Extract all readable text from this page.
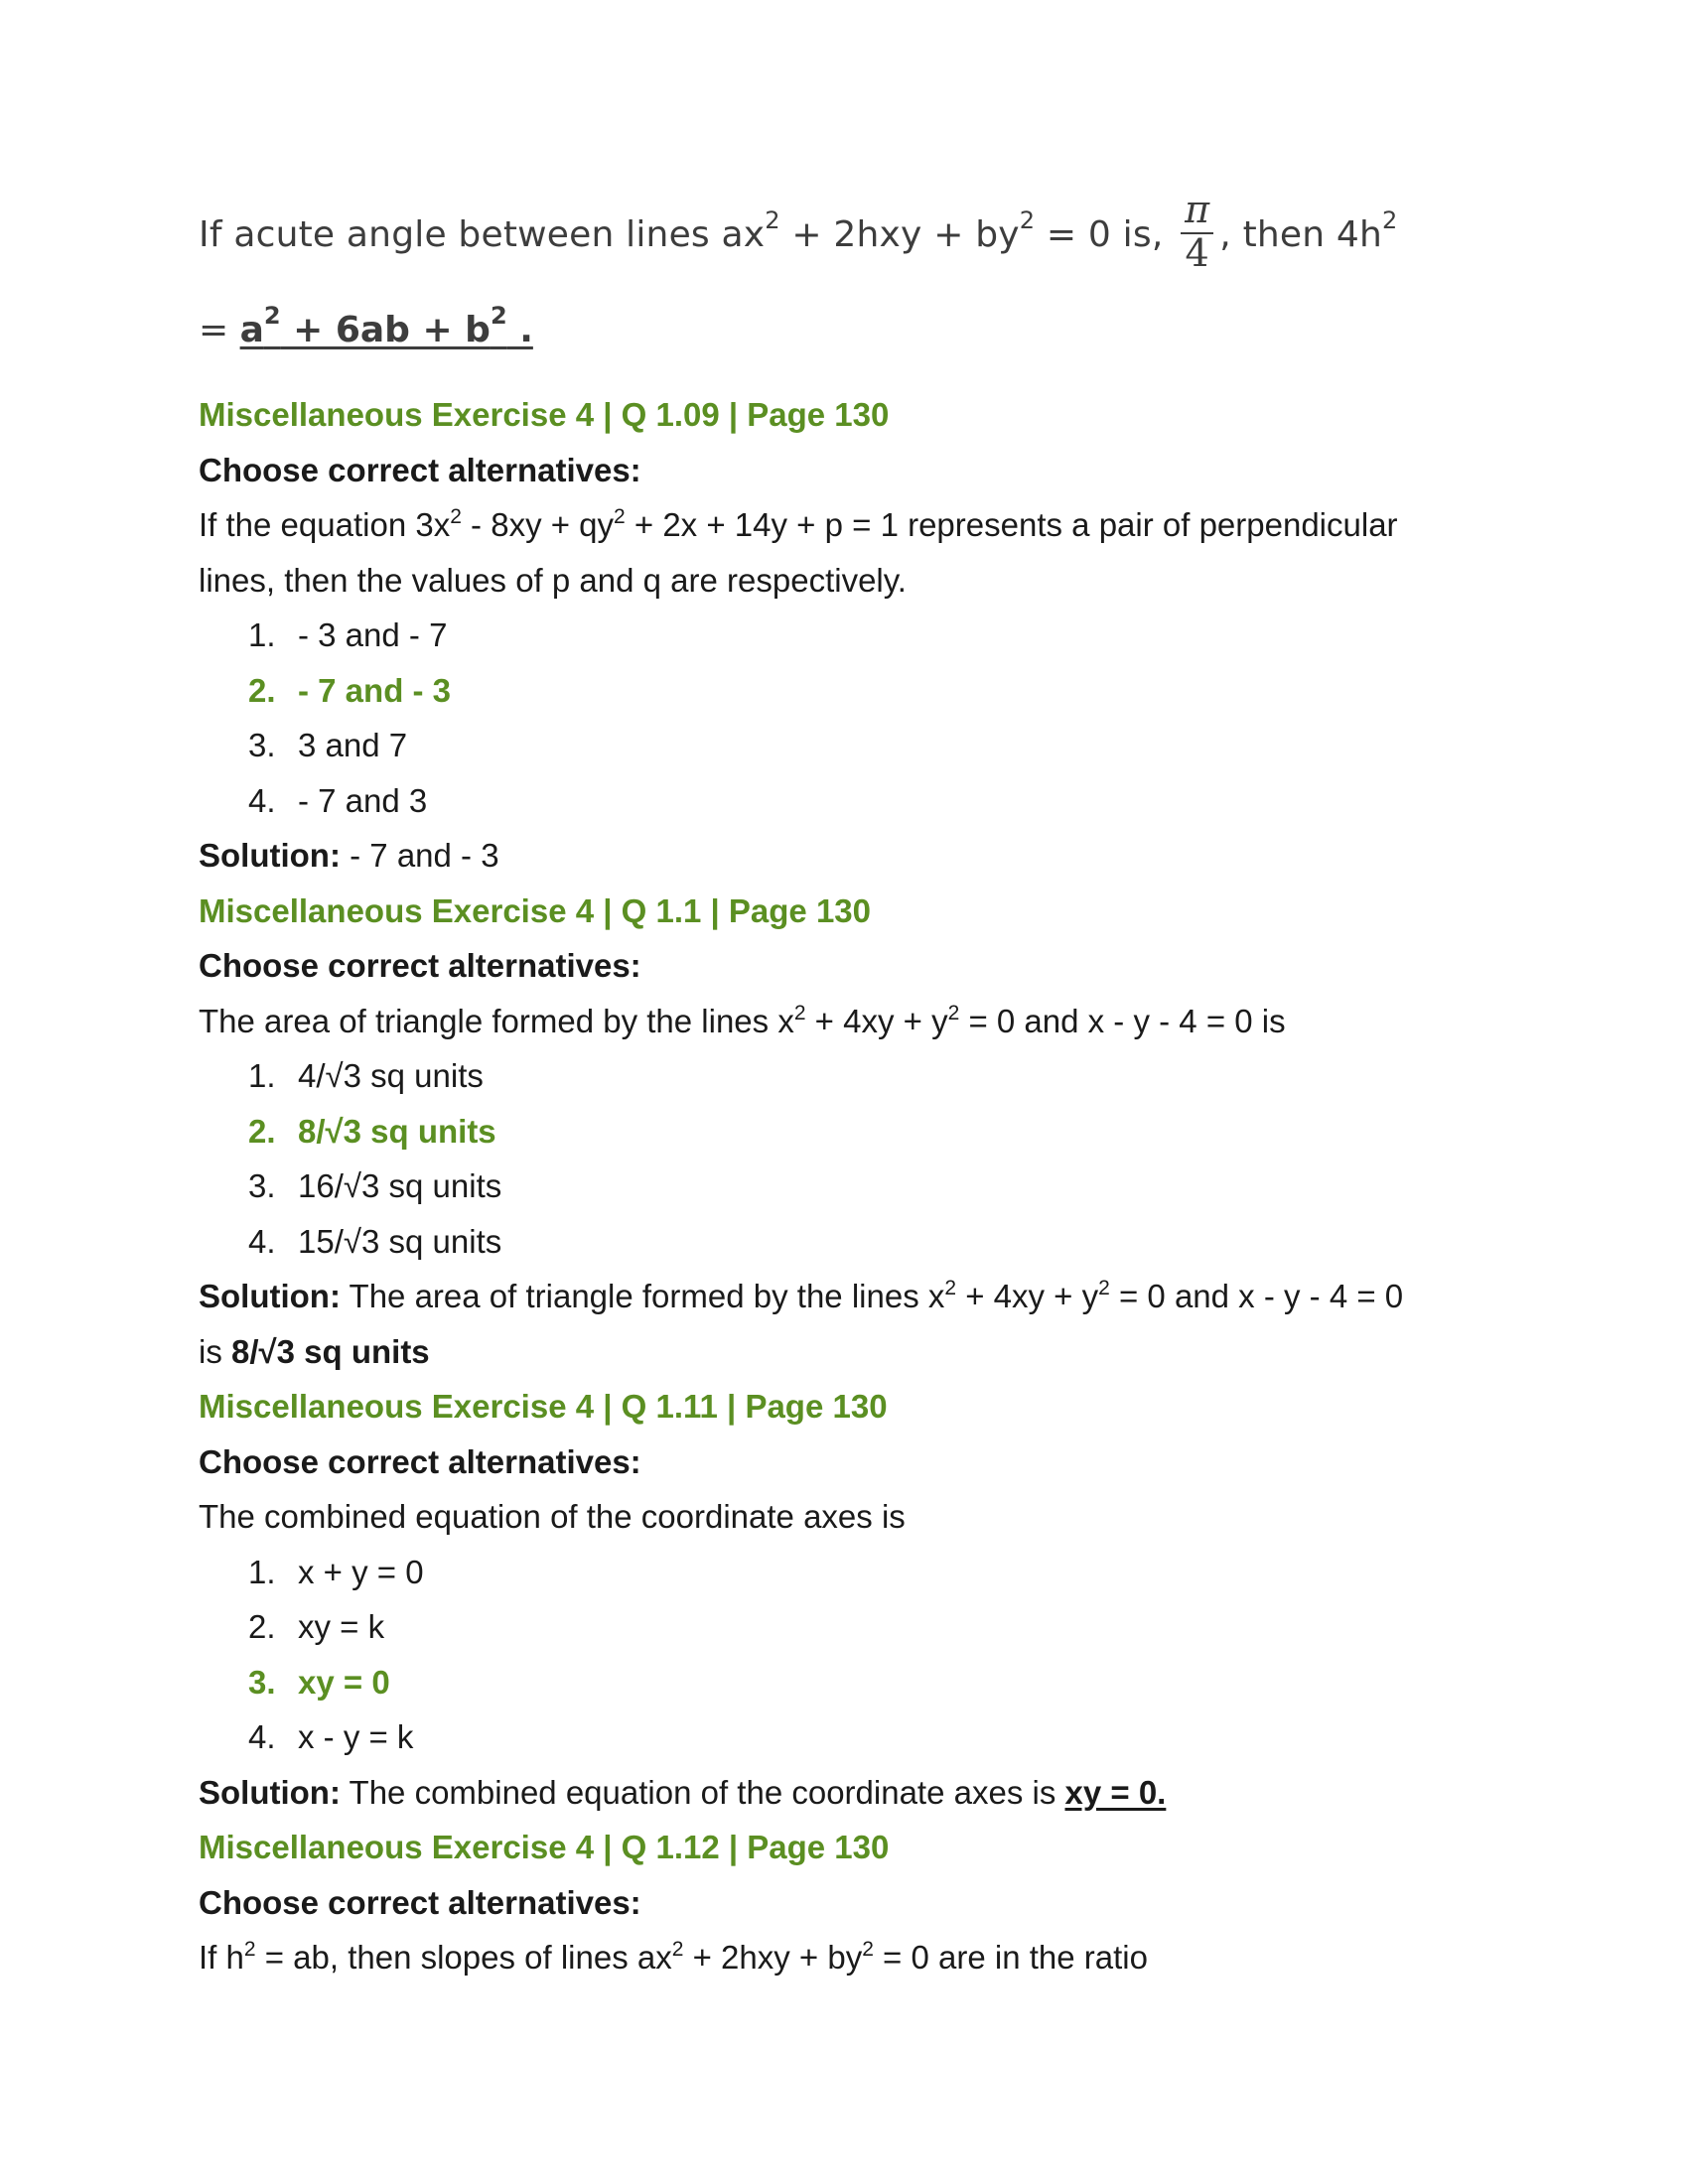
If acute angle between lines $ax^2 + 2hxy + by^2 = 0$ is, $\frac{\pi}{4}$ , then $4h^2$
= $a^2 + 6ab + b^2$ .
Miscellaneous Exercise 4 | Q 1.09 | Page 130
Choose correct alternatives:
If the equation $3x^2 - 8xy + qy^2 + 2x + 14y + p = 1$ represents a pair of perpendicular
lines, then the values of p and q are respectively.
1. - 3 and - 7
2. - 7 and - 3
3. 3 and 7
4. - 7 and 3
Solution: - 7 and - 3
Miscellaneous Exercise 4 | Q 1.1 | Page 130
Choose correct alternatives:
The area of triangle formed by the lines $x^2 + 4xy + y^2 = 0$ and x - y - 4 = 0 is
1. 4/√3 sq units
2. 8/√3 sq units
3. 16/√3 sq units
4. 15/√3 sq units
Solution: The area of triangle formed by the lines $x^2 + 4xy + y^2 = 0$ and x - y - 4 = 0
is 8/√3 sq units
Miscellaneous Exercise 4 | Q 1.11 | Page 130
Choose correct alternatives:
The combined equation of the coordinate axes is
1. x + y = 0
2. xy = k
3. xy = 0
4. x - y = k
Solution: The combined equation of the coordinate axes is xy = 0.
Miscellaneous Exercise 4 | Q 1.12 | Page 130
Choose correct alternatives:
If $h^2$ = ab, then slopes of lines $ax^2 + 2hxy + by^2 = 0$ are in the ratio
